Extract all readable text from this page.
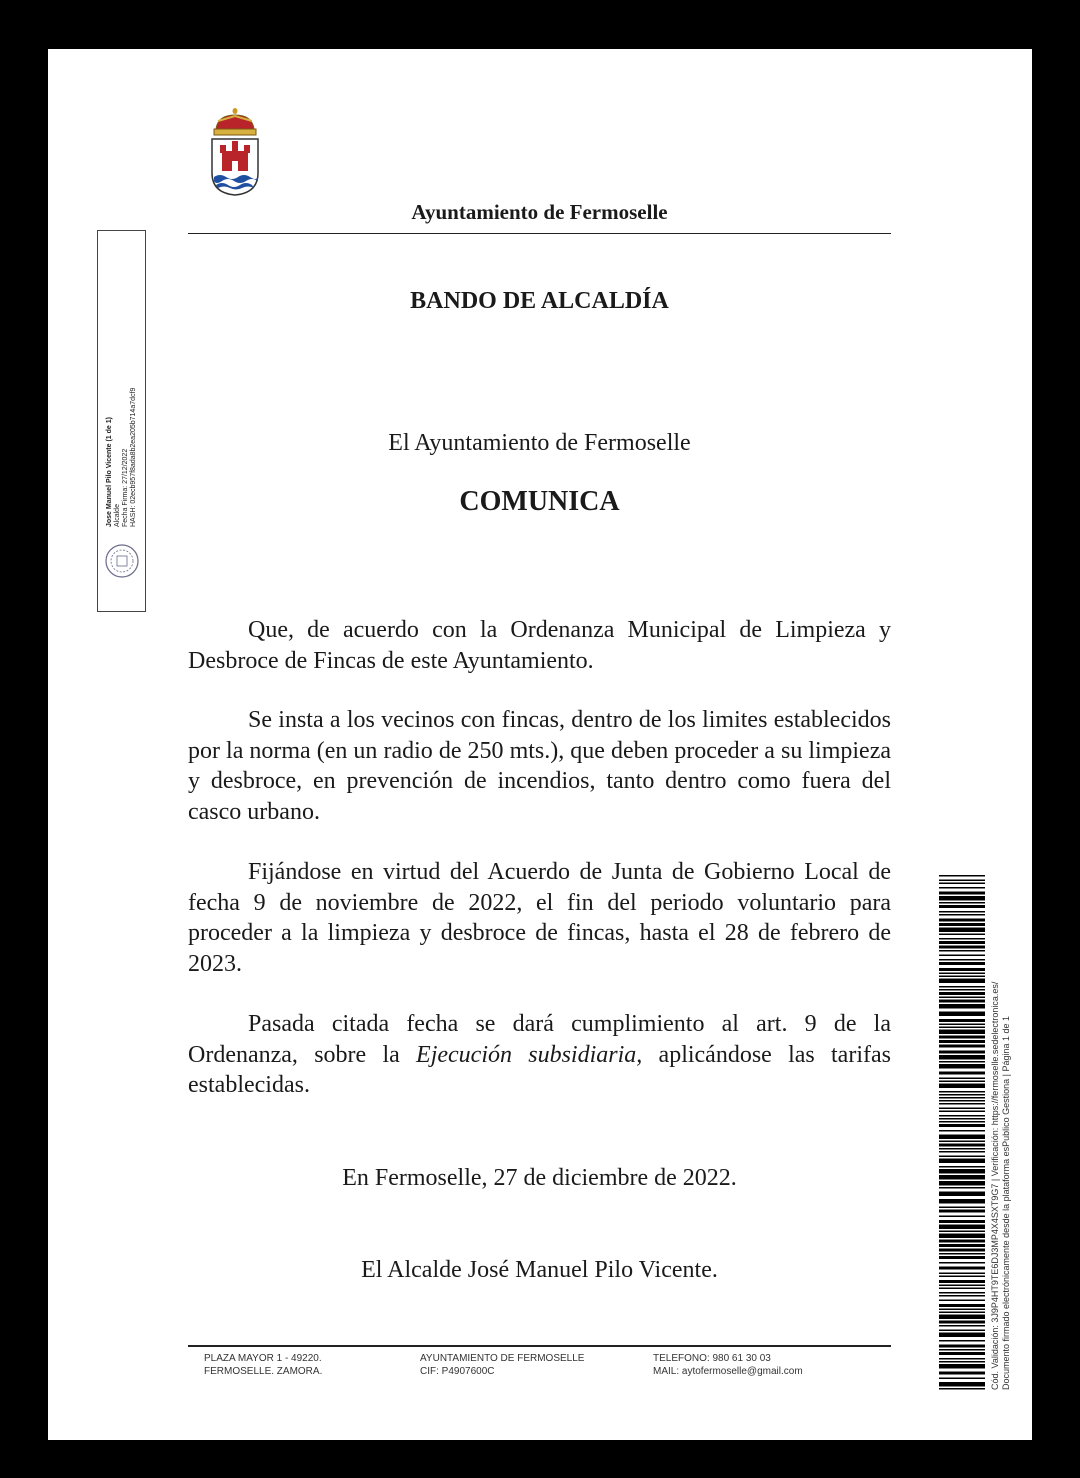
Ayuntamiento de Fermoselle
BANDO DE ALCALDÍA
El Ayuntamiento de Fermoselle
COMUNICA

Que, de acuerdo con la Ordenanza Municipal de Limpieza y Desbroce de Fincas de este Ayuntamiento.

Se insta a los vecinos con fincas, dentro de los limites establecidos por la norma (en un radio de 250 mts.), que deben proceder a su limpieza y desbroce, en prevención de incendios, tanto dentro como fuera del casco urbano.

Fijándose en virtud del Acuerdo de Junta de Gobierno Local de fecha 9 de noviembre de 2022, el fin del periodo voluntario para proceder a la limpieza y desbroce de fincas, hasta el 28 de febrero de 2023.

Pasada citada fecha se dará cumplimiento al art. 9 de la Ordenanza, sobre la Ejecución subsidiaria, aplicándose las tarifas establecidas.

En Fermoselle, 27 de diciembre de 2022.
El Alcalde José Manuel Pilo Vicente.
PLAZA MAYOR 1 - 49220.
FERMOSELLE. ZAMORA.
AYUNTAMIENTO DE FERMOSELLE
CIF: P4907600C
TELEFONO: 980 61 30 03
MAIL: aytofermoselle@gmail.com
Jose Manuel Pilo Vicente (1 de 1) Alcalde Fecha Firma: 27/12/2022 HASH: 02ecb957f8ada8b2ea205b714a7dcf9
Cód. Validación: 3J9P4HT9TE6DJ3MP4X4SXT9G7 | Verificación: https://fermoselle.sedelectronica.es/ Documento firmado electrónicamente desde la plataforma esPublico Gestiona | Página 1 de 1
